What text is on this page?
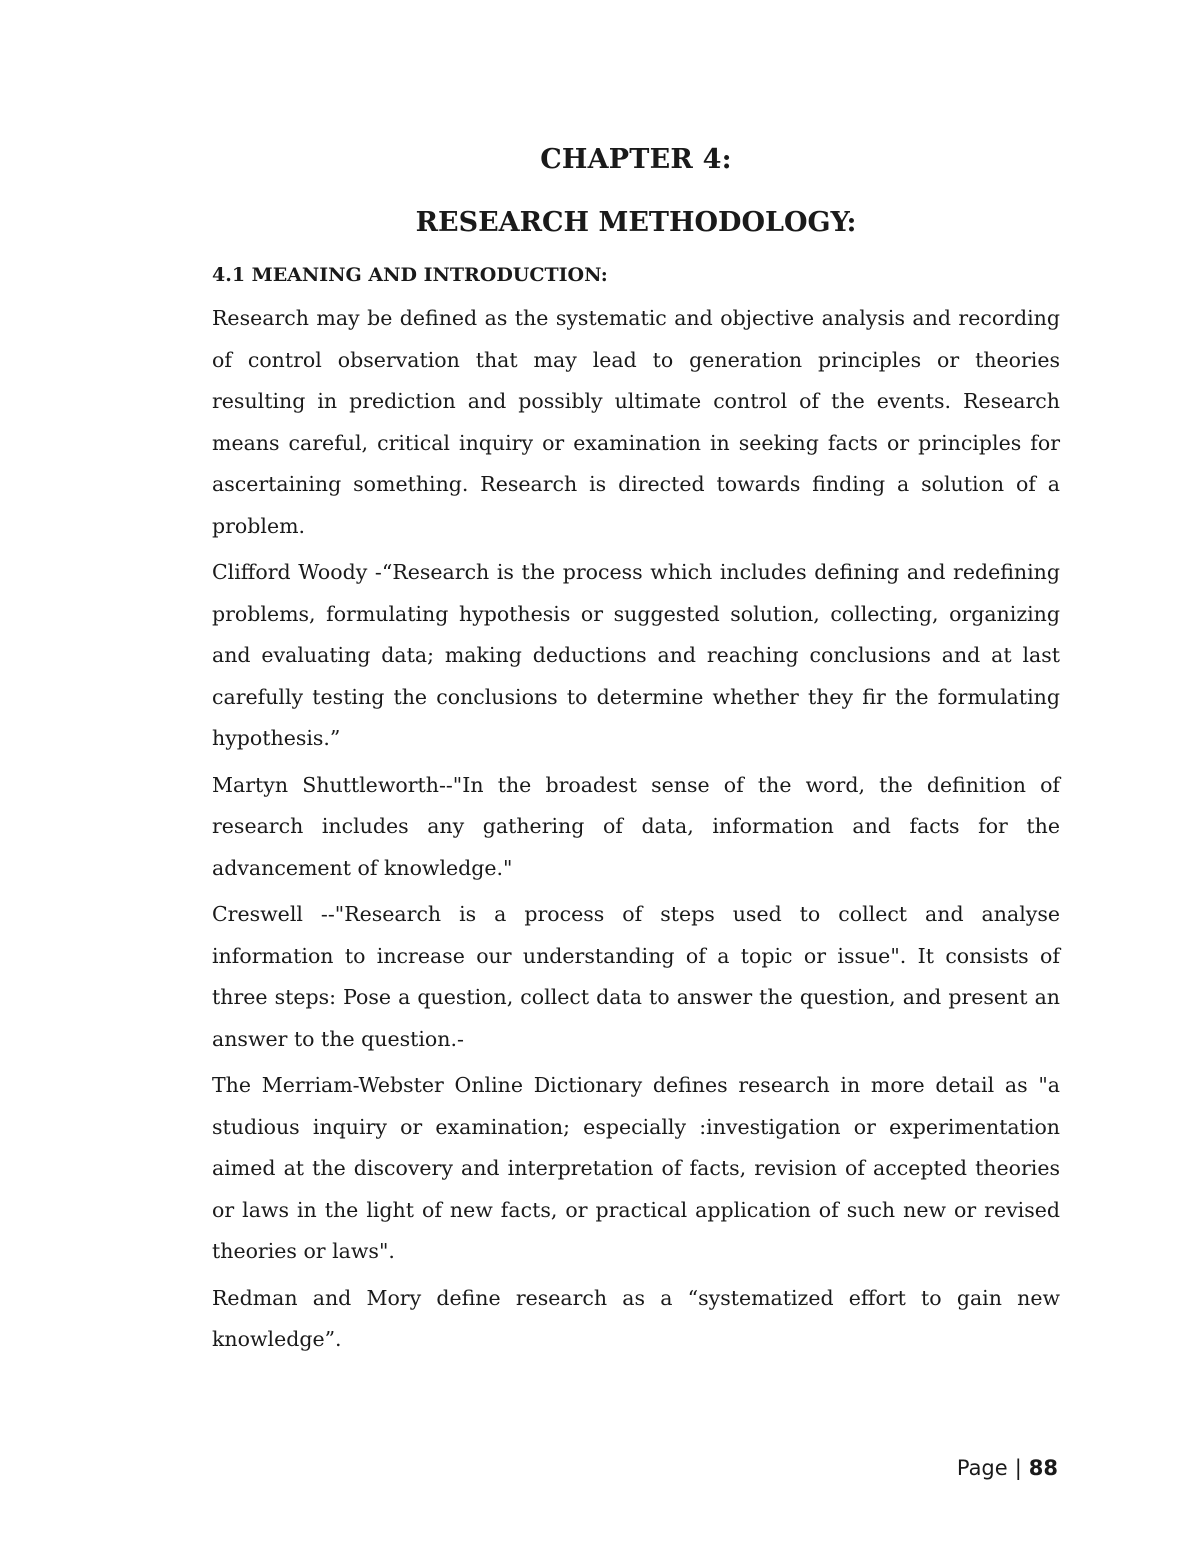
CHAPTER 4:
RESEARCH METHODOLOGY:
4.1 MEANING AND INTRODUCTION:

Research may be defined as the systematic and objective analysis and recording of control observation that may lead to generation principles or theories resulting in prediction and possibly ultimate control of the events. Research means careful, critical inquiry or examination in seeking facts or principles for ascertaining something. Research is directed towards finding a solution of a problem.

Clifford Woody -“Research is the process which includes defining and redefining problems, formulating hypothesis or suggested solution, collecting, organizing and evaluating data; making deductions and reaching conclusions and at last carefully testing the conclusions to determine whether they fir the formulating hypothesis.”

Martyn Shuttleworth--"In the broadest sense of the word, the definition of research includes any gathering of data, information and facts for the advancement of knowledge."

Creswell --"Research is a process of steps used to collect and analyse information to increase our understanding of a topic or issue". It consists of three steps: Pose a question, collect data to answer the question, and present an answer to the question.-

The Merriam-Webster Online Dictionary defines research in more detail as "a studious inquiry or examination; especially :investigation or experimentation aimed at the discovery and interpretation of facts, revision of accepted theories or laws in the light of new facts, or practical application of such new or revised theories or laws".

Redman and Mory define research as a “systematized effort to gain new knowledge”.

Page | 88
